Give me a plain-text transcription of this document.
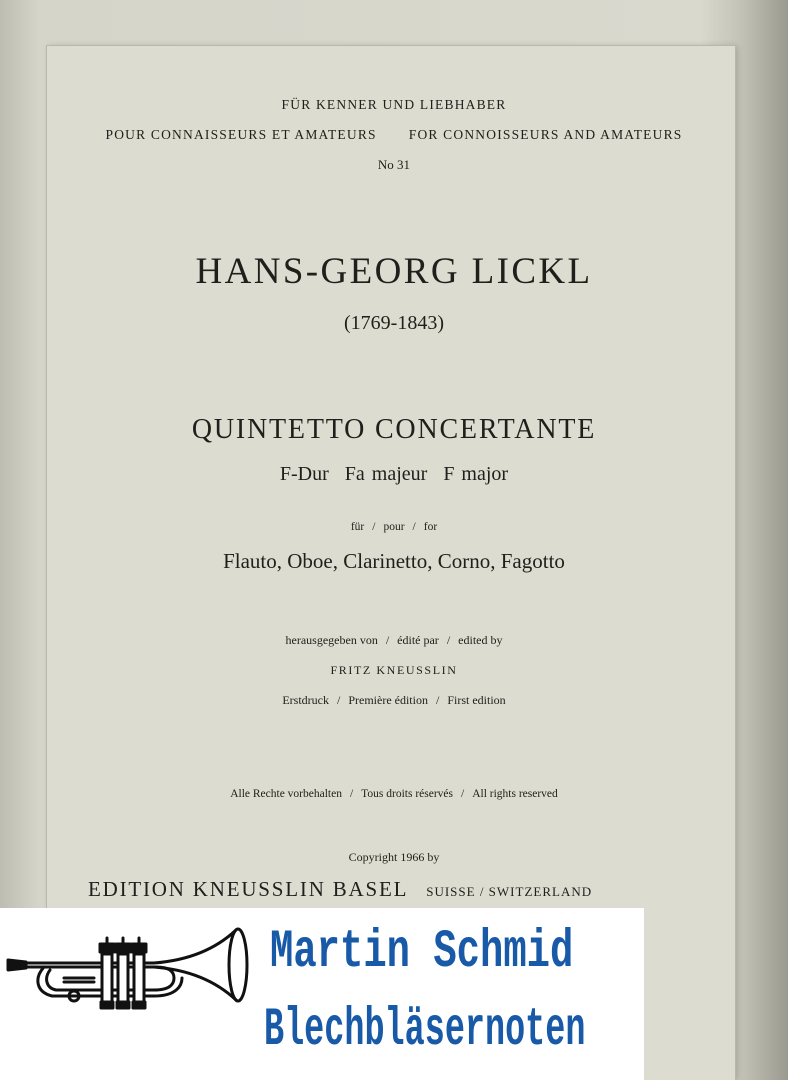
FÜR KENNER UND LIEBHABER
POUR CONNAISSEURS ET AMATEURS FOR CONNOISSEURS AND AMATEURS
No 31
HANS-GEORG LICKL
(1769-1843)
QUINTETTO CONCERTANTE
F-Dur Fa majeur F major
für / pour / for
Flauto, Oboe, Clarinetto, Corno, Fagotto
herausgegeben von / édité par / edited by
FRITZ KNEUSSLIN
Erstdruck / Première édition / First edition
Alle Rechte vorbehalten / Tous droits réservés / All rights reserved
Copyright 1966 by
EDITION KNEUSSLIN BASEL SUISSE / SWITZERLAND
Martin Schmid
Blechbläsernoten
